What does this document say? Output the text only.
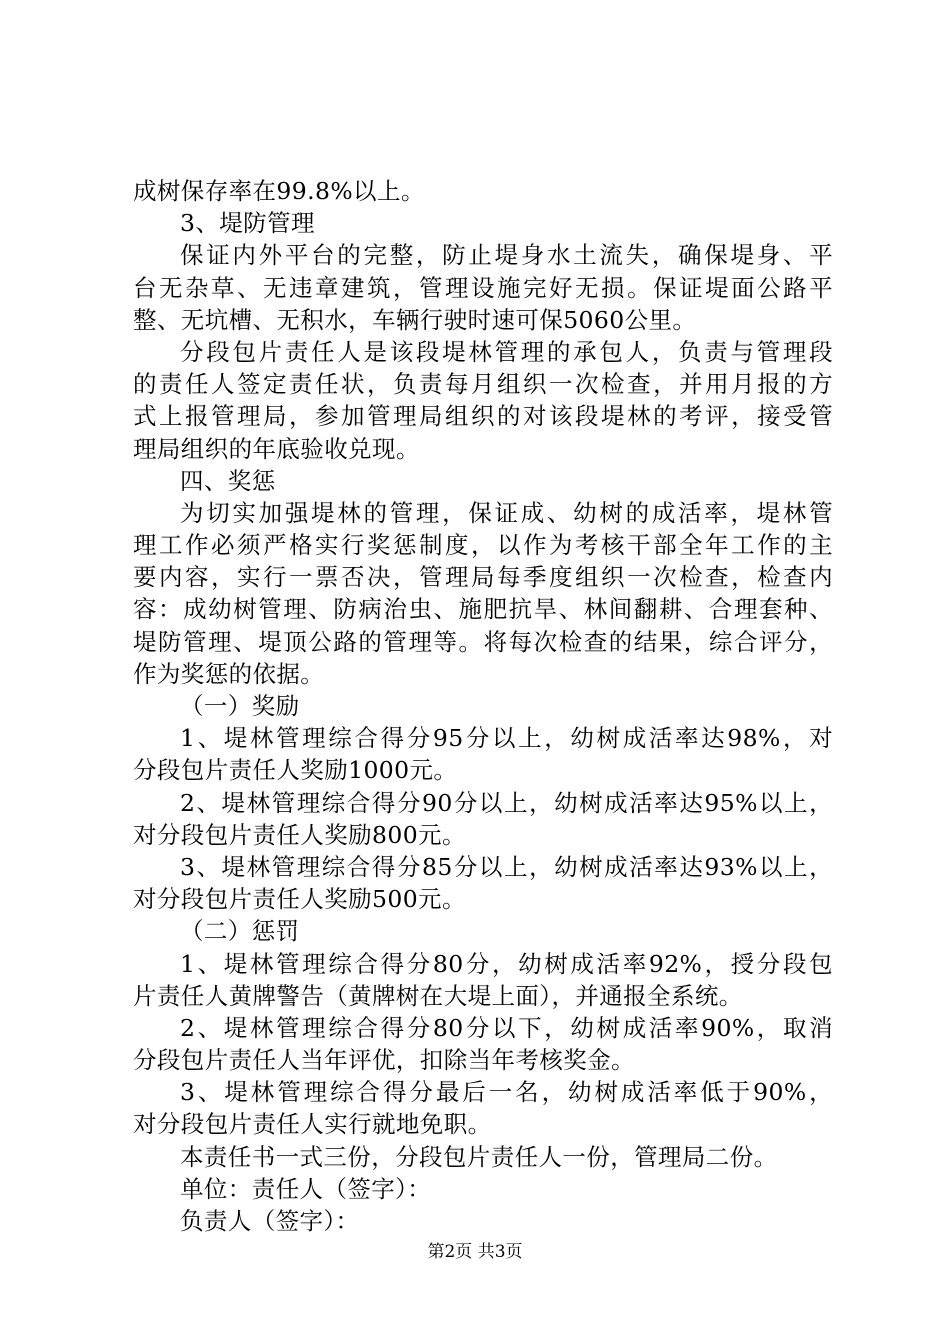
成树保存率在99.8%以上。
3、堤防管理
保证内外平台的完整，防止堤身水土流失，确保堤身、平
台无杂草、无违章建筑，管理设施完好无损。保证堤面公路平
整、无坑槽、无积水，车辆行驶时速可保5060公里。
分段包片责任人是该段堤林管理的承包人，负责与管理段
的责任人签定责任状，负责每月组织一次检查，并用月报的方
式上报管理局，参加管理局组织的对该段堤林的考评，接受管
理局组织的年底验收兑现。
四、奖惩
为切实加强堤林的管理，保证成、幼树的成活率，堤林管
理工作必须严格实行奖惩制度，以作为考核干部全年工作的主
要内容，实行一票否决，管理局每季度组织一次检查，检查内
容：成幼树管理、防病治虫、施肥抗旱、林间翻耕、合理套种、
堤防管理、堤顶公路的管理等。将每次检查的结果，综合评分，
作为奖惩的依据。
（一）奖励
1、堤林管理综合得分95分以上，幼树成活率达98%，对
分段包片责任人奖励1000元。
2、堤林管理综合得分90分以上，幼树成活率达95%以上，
对分段包片责任人奖励800元。
3、堤林管理综合得分85分以上，幼树成活率达93%以上，
对分段包片责任人奖励500元。
（二）惩罚
1、堤林管理综合得分80分，幼树成活率92%，授分段包
片责任人黄牌警告（黄牌树在大堤上面），并通报全系统。
2、堤林管理综合得分80分以下，幼树成活率90%，取消
分段包片责任人当年评优，扣除当年考核奖金。
3、堤林管理综合得分最后一名，幼树成活率低于90%，
对分段包片责任人实行就地免职。
本责任书一式三份，分段包片责任人一份，管理局二份。
单位：责任人（签字）：
负责人（签字）：
第2页 共3页
